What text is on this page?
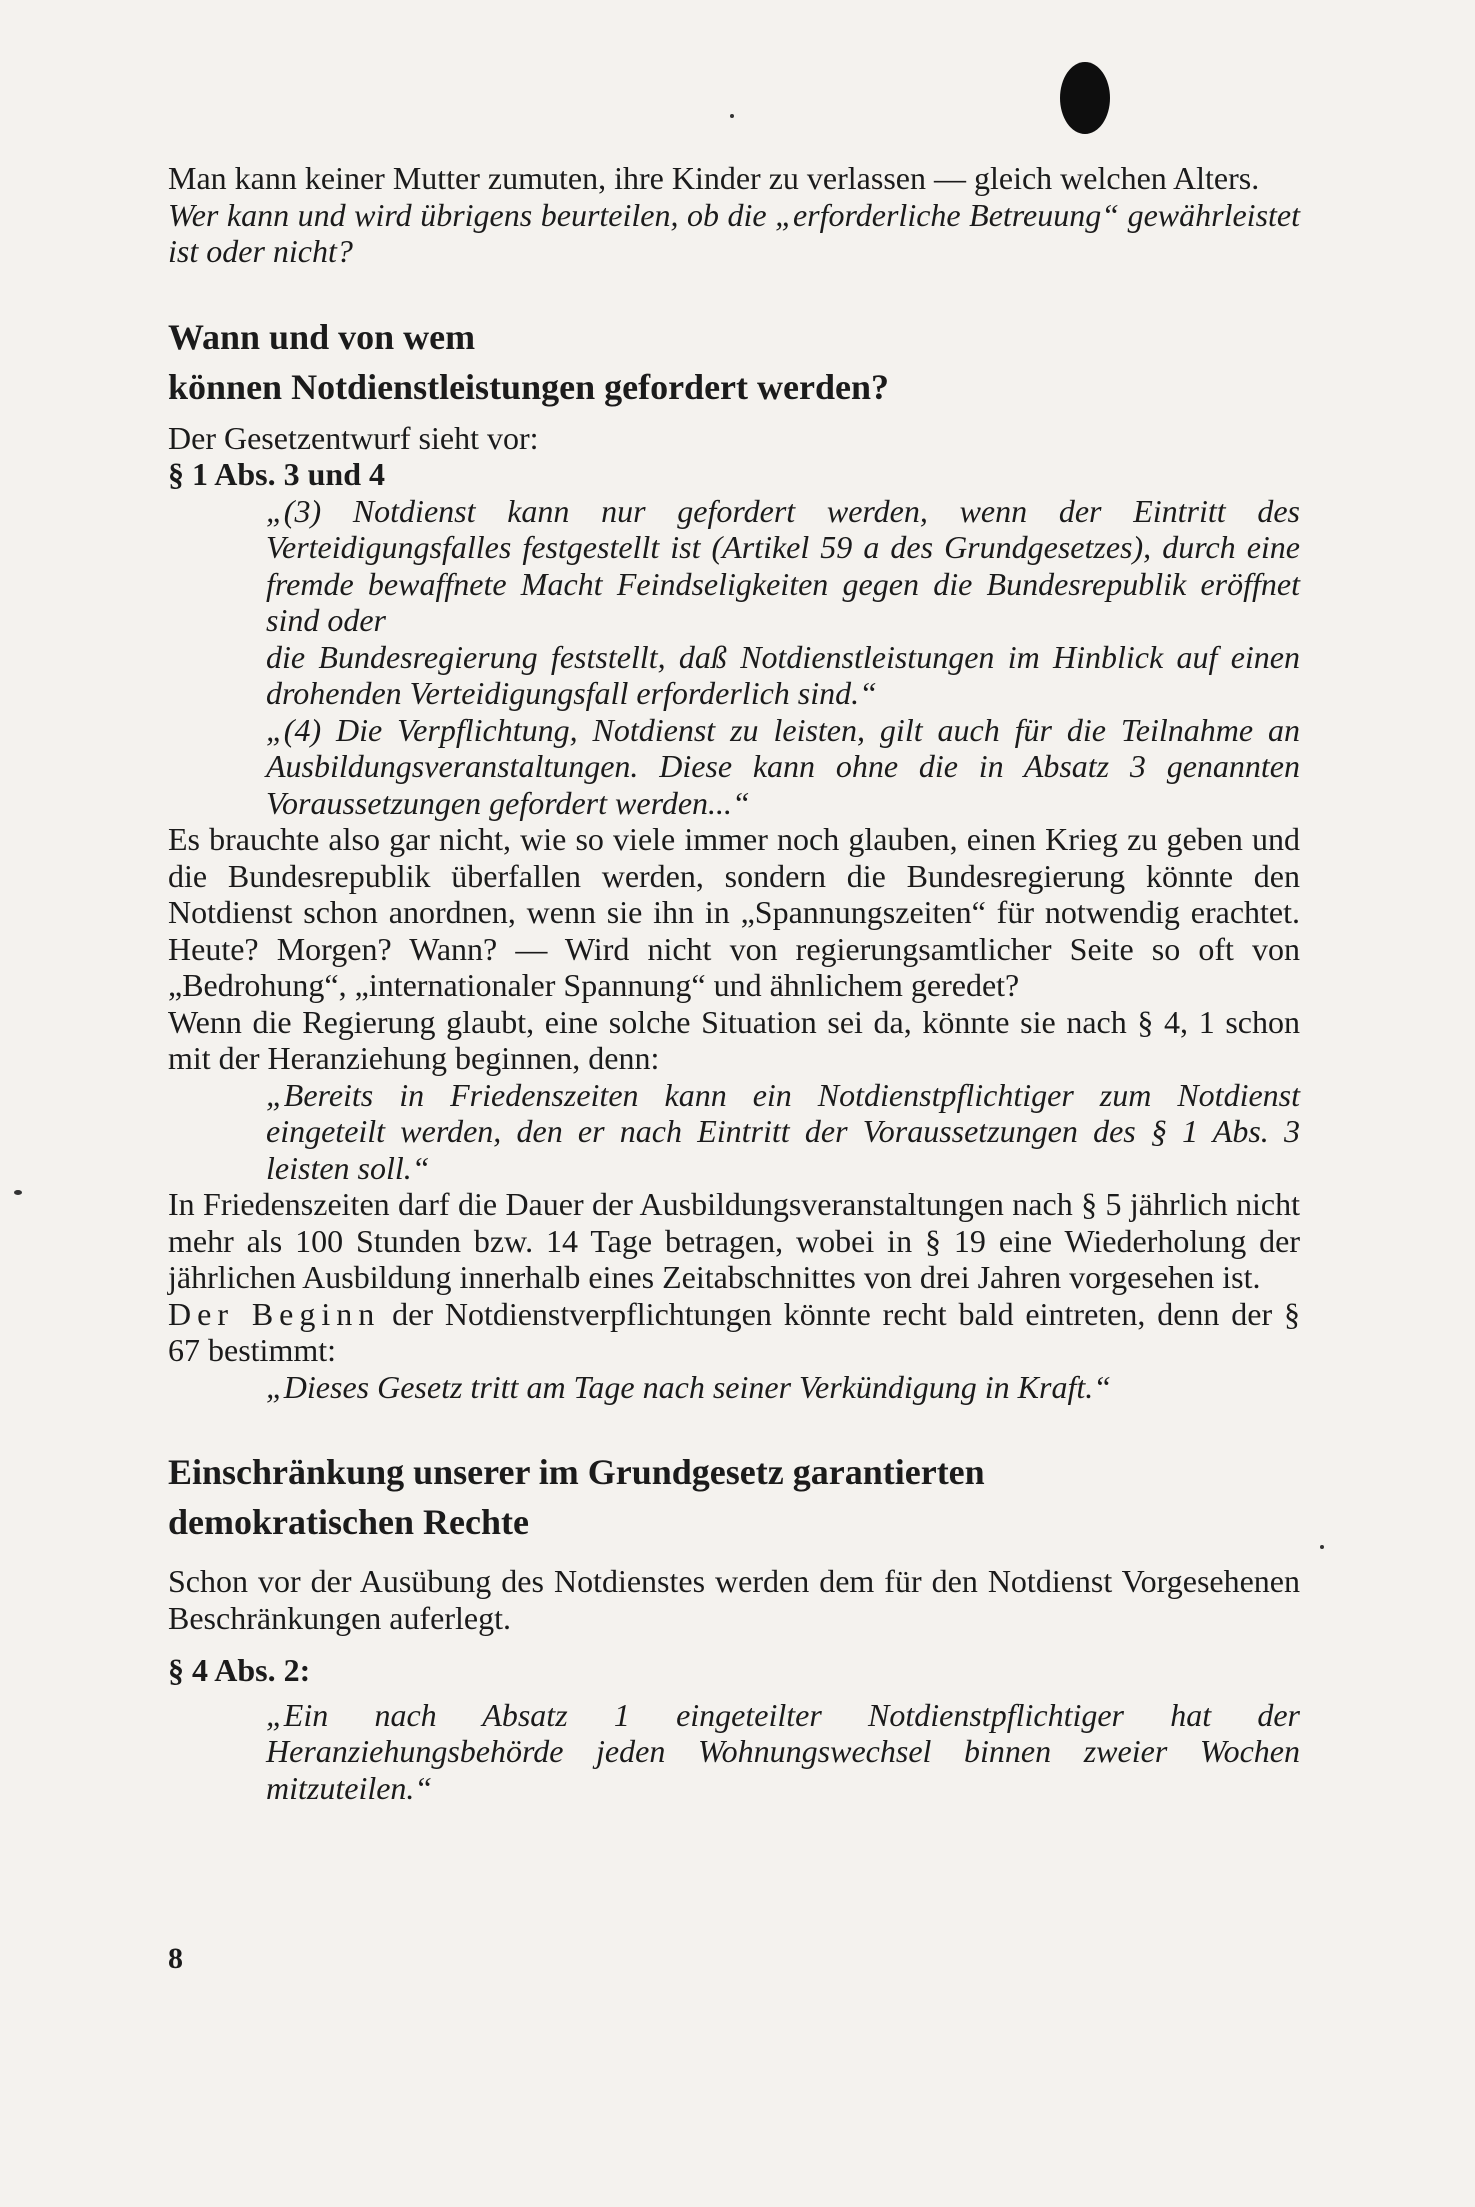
Man kann keiner Mutter zumuten, ihre Kinder zu verlassen — gleich welchen Alters.

Wer kann und wird übrigens beurteilen, ob die „erforderliche Betreuung“ gewährleistet ist oder nicht?

Wann und von wem
können Notdienstleistungen gefordert werden?

Der Gesetzentwurf sieht vor:

§ 1 Abs. 3 und 4

„(3) Notdienst kann nur gefordert werden, wenn der Eintritt des Verteidigungsfalles festgestellt ist (Artikel 59 a des Grundgesetzes), durch eine fremde bewaffnete Macht Feindseligkeiten gegen die Bundesrepublik eröffnet sind oder

die Bundesregierung feststellt, daß Notdienstleistungen im Hinblick auf einen drohenden Verteidigungsfall erforderlich sind.“

„(4) Die Verpflichtung, Notdienst zu leisten, gilt auch für die Teilnahme an Ausbildungsveranstaltungen. Diese kann ohne die in Absatz 3 genannten Voraussetzungen gefordert werden...“

Es brauchte also gar nicht, wie so viele immer noch glauben, einen Krieg zu geben und die Bundesrepublik überfallen werden, sondern die Bundesregierung könnte den Notdienst schon anordnen, wenn sie ihn in „Spannungszeiten“ für notwendig erachtet. Heute? Morgen? Wann? — Wird nicht von regierungsamtlicher Seite so oft von „Bedrohung“, „internationaler Spannung“ und ähnlichem geredet?

Wenn die Regierung glaubt, eine solche Situation sei da, könnte sie nach § 4, 1 schon mit der Heranziehung beginnen, denn:

„Bereits in Friedenszeiten kann ein Notdienstpflichtiger zum Notdienst eingeteilt werden, den er nach Eintritt der Voraussetzungen des § 1 Abs. 3 leisten soll.“

In Friedenszeiten darf die Dauer der Ausbildungsveranstaltungen nach § 5 jährlich nicht mehr als 100 Stunden bzw. 14 Tage betragen, wobei in § 19 eine Wiederholung der jährlichen Ausbildung innerhalb eines Zeitabschnittes von drei Jahren vorgesehen ist.

Der Beginn der Notdienstverpflichtungen könnte recht bald eintreten, denn der § 67 bestimmt:

„Dieses Gesetz tritt am Tage nach seiner Verkündigung in Kraft.“

Einschränkung unserer im Grundgesetz garantierten
demokratischen Rechte

Schon vor der Ausübung des Notdienstes werden dem für den Notdienst Vorgesehenen Beschränkungen auferlegt.

§ 4 Abs. 2:

„Ein nach Absatz 1 eingeteilter Notdienstpflichtiger hat der Heranziehungsbehörde jeden Wohnungswechsel binnen zweier Wochen mitzuteilen.“

8
